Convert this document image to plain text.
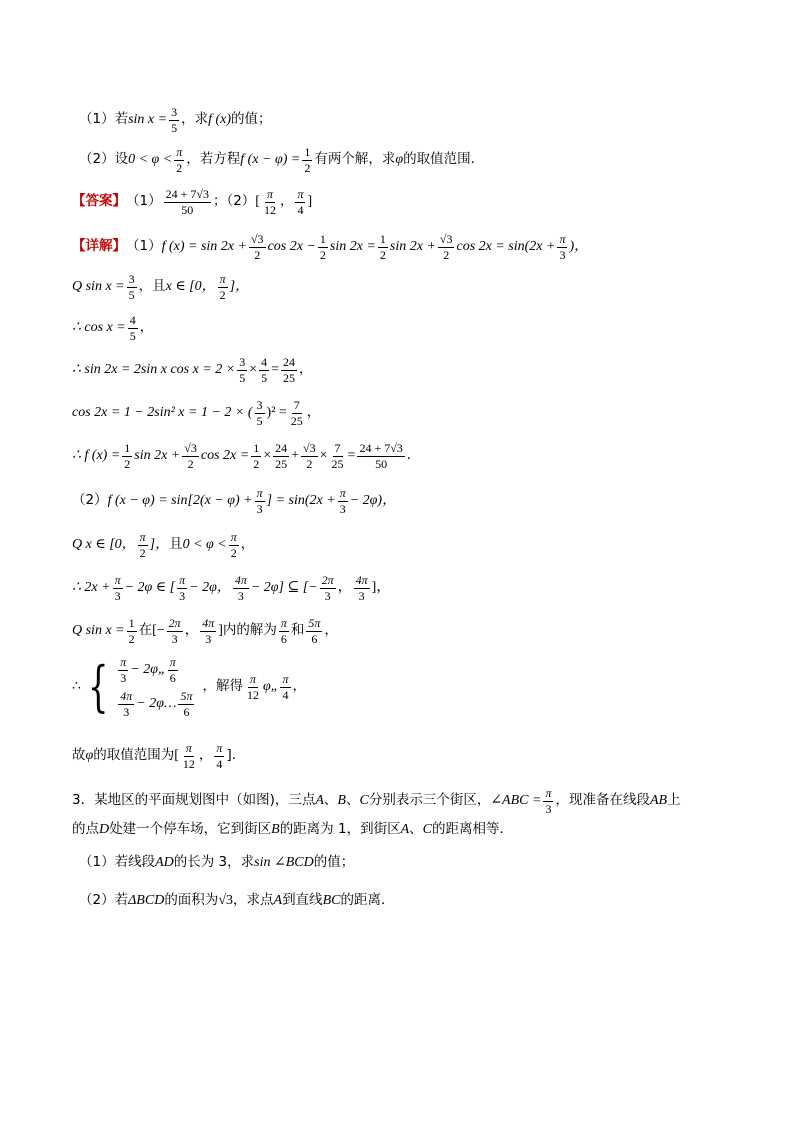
（1） 若 $\sin x = \frac{3}{5}$ ，求 f (x) 的值；
（2） 设 $0 < \varphi < \frac{\pi}{2}$ ，若方程 f $(x - \varphi) = \frac{1}{2}$ 有两个解，求 φ 的取值范围．
【答案】 $(1) \frac{24 + 7√3}{50}$ ；（2） [ $\frac{\pi}{12}$ ， $\frac{\pi}{4}$ ]
【详解】 （1） f $(x) = \sin 2x + \frac{√3}{2}$ $\cos 2x - \frac{1}{2}$ $\sin 2x = \frac{1}{2}$ $\sin 2x + \frac{√3}{2}$ $\cos 2x = \sin(2x + \frac{\pi}{3}$ )，
Q $\sin x = \frac{3}{5}$ ，且 x ∈ [0， $\frac{\pi}{2}$ ]，
∴ $\cos x = \frac{4}{5}$ ，
∴ sin 2x = 2sin x $\cos x = 2 \times \frac{3}{5} \times \frac{4}{5} = \frac{24}{25}$ ，
cos 2x = 1 − 2sin² x = 1 − 2 × ( $\frac{3}{5} )^2 = \frac{7}{25}$ ，
∴ f $(x) = \frac{1}{2}$ $\sin 2x + \frac{√3}{2}$ $\cos 2x = \frac{1}{2} \times \frac{24}{25} + \frac{√3}{2} \times \frac{7}{25} = \frac{24 + 7√3}{50}$ ．
（2） f $(x - \varphi) = \sin[2(x - \varphi) + \frac{\pi}{3}$ ] = $\sin(2x + \frac{\pi}{3} - 2\varphi)$，
Q x ∈ [0， $\frac{\pi}{2}$ ]， 且 $0 < \varphi < \frac{\pi}{2}$ ，
∴ $2x + \frac{\pi}{3} - 2\varphi$ ∈ [ $\frac{\pi}{3} - 2\varphi$， $\frac{4\pi}{3} - 2\varphi$] ⊆ [− $\frac{2\pi}{3}$ ， $\frac{4\pi}{3}$ ]，
Q $\sin x = \frac{1}{2}$ 在 [− $\frac{2\pi}{3}$ ， $\frac{4\pi}{3}$ ] 内的解为 $\frac{\pi}{6}$ 和 $\frac{5\pi}{6}$ ，
∴ { $\frac{\pi}{3}$ − 2φ„ $\frac{\pi}{6}$
$\frac{4\pi}{3}$ − 2φ… $\frac{5\pi}{6}$
，解得 $\frac{\pi}{12}$ φ„ $\frac{\pi}{4}$ ，
故 φ 的取值范围为 [ $\frac{\pi}{12}$ ， $\frac{\pi}{4}$ ]．
3．某地区的平面规划图中（如图)，三点 A 、 B 、 C 分别表示三个街区， ∠ABC = $\frac{\pi}{3}$ ，现准备在线段 AB 上
的点 D 处建一个停车场，它到街区 B 的距离为 1，到街区 A 、 C 的距离相等．
（1）若线段 AD 的长为 3，求 sin ∠BCD 的值；
（2）若 ΔBCD 的面积为 √3 ，求点 A 到直线 BC 的距离．
